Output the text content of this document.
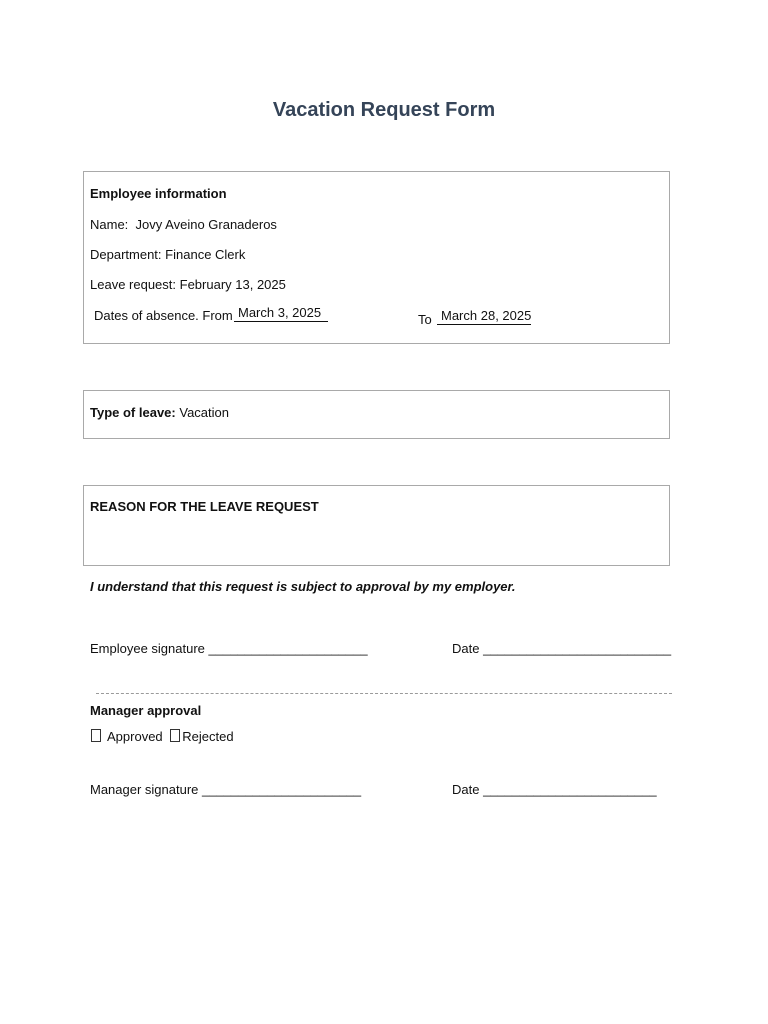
Vacation Request Form
Employee information
Name: Jovy Aveino Granaderos
Department: Finance Clerk
Leave request: February 13, 2025
Dates of absence. From March 3, 2025	To March 28, 2025
Type of leave: Vacation
REASON FOR THE LEAVE REQUEST
I understand that this request is subject to approval by my employer.
Employee signature ______________________	Date __________________________
Manager approval
Approved Rejected
Manager signature ______________________	Date ________________________
